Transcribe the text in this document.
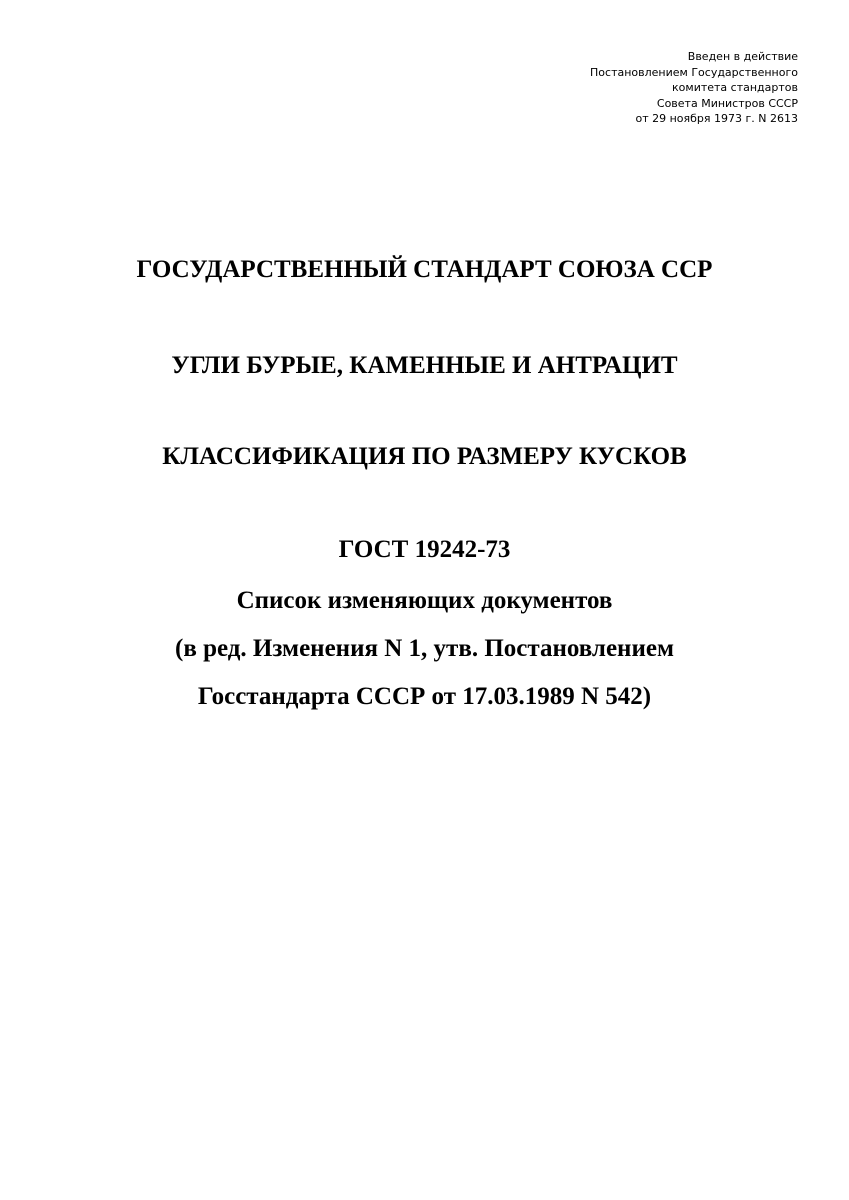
Введен в действие
Постановлением Государственного
комитета стандартов
Совета Министров СССР
от 29 ноября 1973 г. N 2613
ГОСУДАРСТВЕННЫЙ СТАНДАРТ СОЮЗА ССР
УГЛИ БУРЫЕ, КАМЕННЫЕ И АНТРАЦИТ
КЛАССИФИКАЦИЯ ПО РАЗМЕРУ КУСКОВ
ГОСТ 19242-73
Список изменяющих документов
(в ред. Изменения N 1, утв. Постановлением
Госстандарта СССР от 17.03.1989 N 542)
